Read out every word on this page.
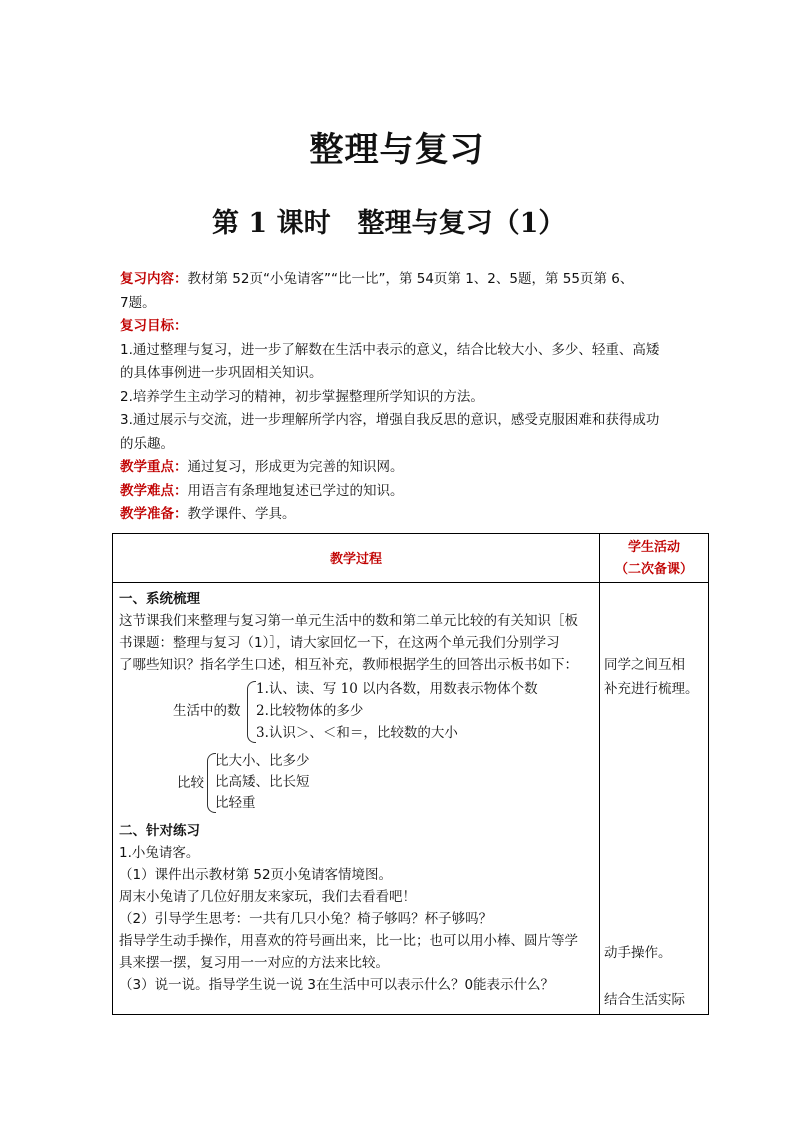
整理与复习
第 1 课时　整理与复习（1）
复习内容：教材第 52页“小兔请客”“比一比”，第 54页第 1、2、5题，第 55页第 6、
7题。
复习目标：
1.通过整理与复习，进一步了解数在生活中表示的意义，结合比较大小、多少、轻重、高矮
的具体事例进一步巩固相关知识。
2.培养学生主动学习的精神，初步掌握整理所学知识的方法。
3.通过展示与交流，进一步理解所学内容，增强自我反思的意识，感受克服困难和获得成功
的乐趣。
教学重点：通过复习，形成更为完善的知识网。
教学难点：用语言有条理地复述已学过的知识。
教学准备：教学课件、学具。
教学过程
学生活动
（二次备课）
一、系统梳理
这节课我们来整理与复习第一单元生活中的数和第二单元比较的有关知识［板
书课题：整理与复习（1）］，请大家回忆一下，在这两个单元我们分别学习
了哪些知识？指名学生口述，相互补充，教师根据学生的回答出示板书如下：
生活中的数
1.认、读、写 10 以内各数，用数表示物体个数
2.比较物体的多少
3.认识＞、＜和＝，比较数的大小
比较
比大小、比多少
比高矮、比长短
比轻重
二、针对练习
1.小兔请客。
（1）课件出示教材第 52页小兔请客情境图。
周末小兔请了几位好朋友来家玩，我们去看看吧！
（2）引导学生思考：一共有几只小兔？椅子够吗？杯子够吗？
指导学生动手操作，用喜欢的符号画出来，比一比；也可以用小棒、圆片等学
具来摆一摆，复习用一一对应的方法来比较。
（3）说一说。指导学生说一说 3在生活中可以表示什么？0能表示什么？
同学之间互相
补充进行梳理。
动手操作。
结合生活实际
